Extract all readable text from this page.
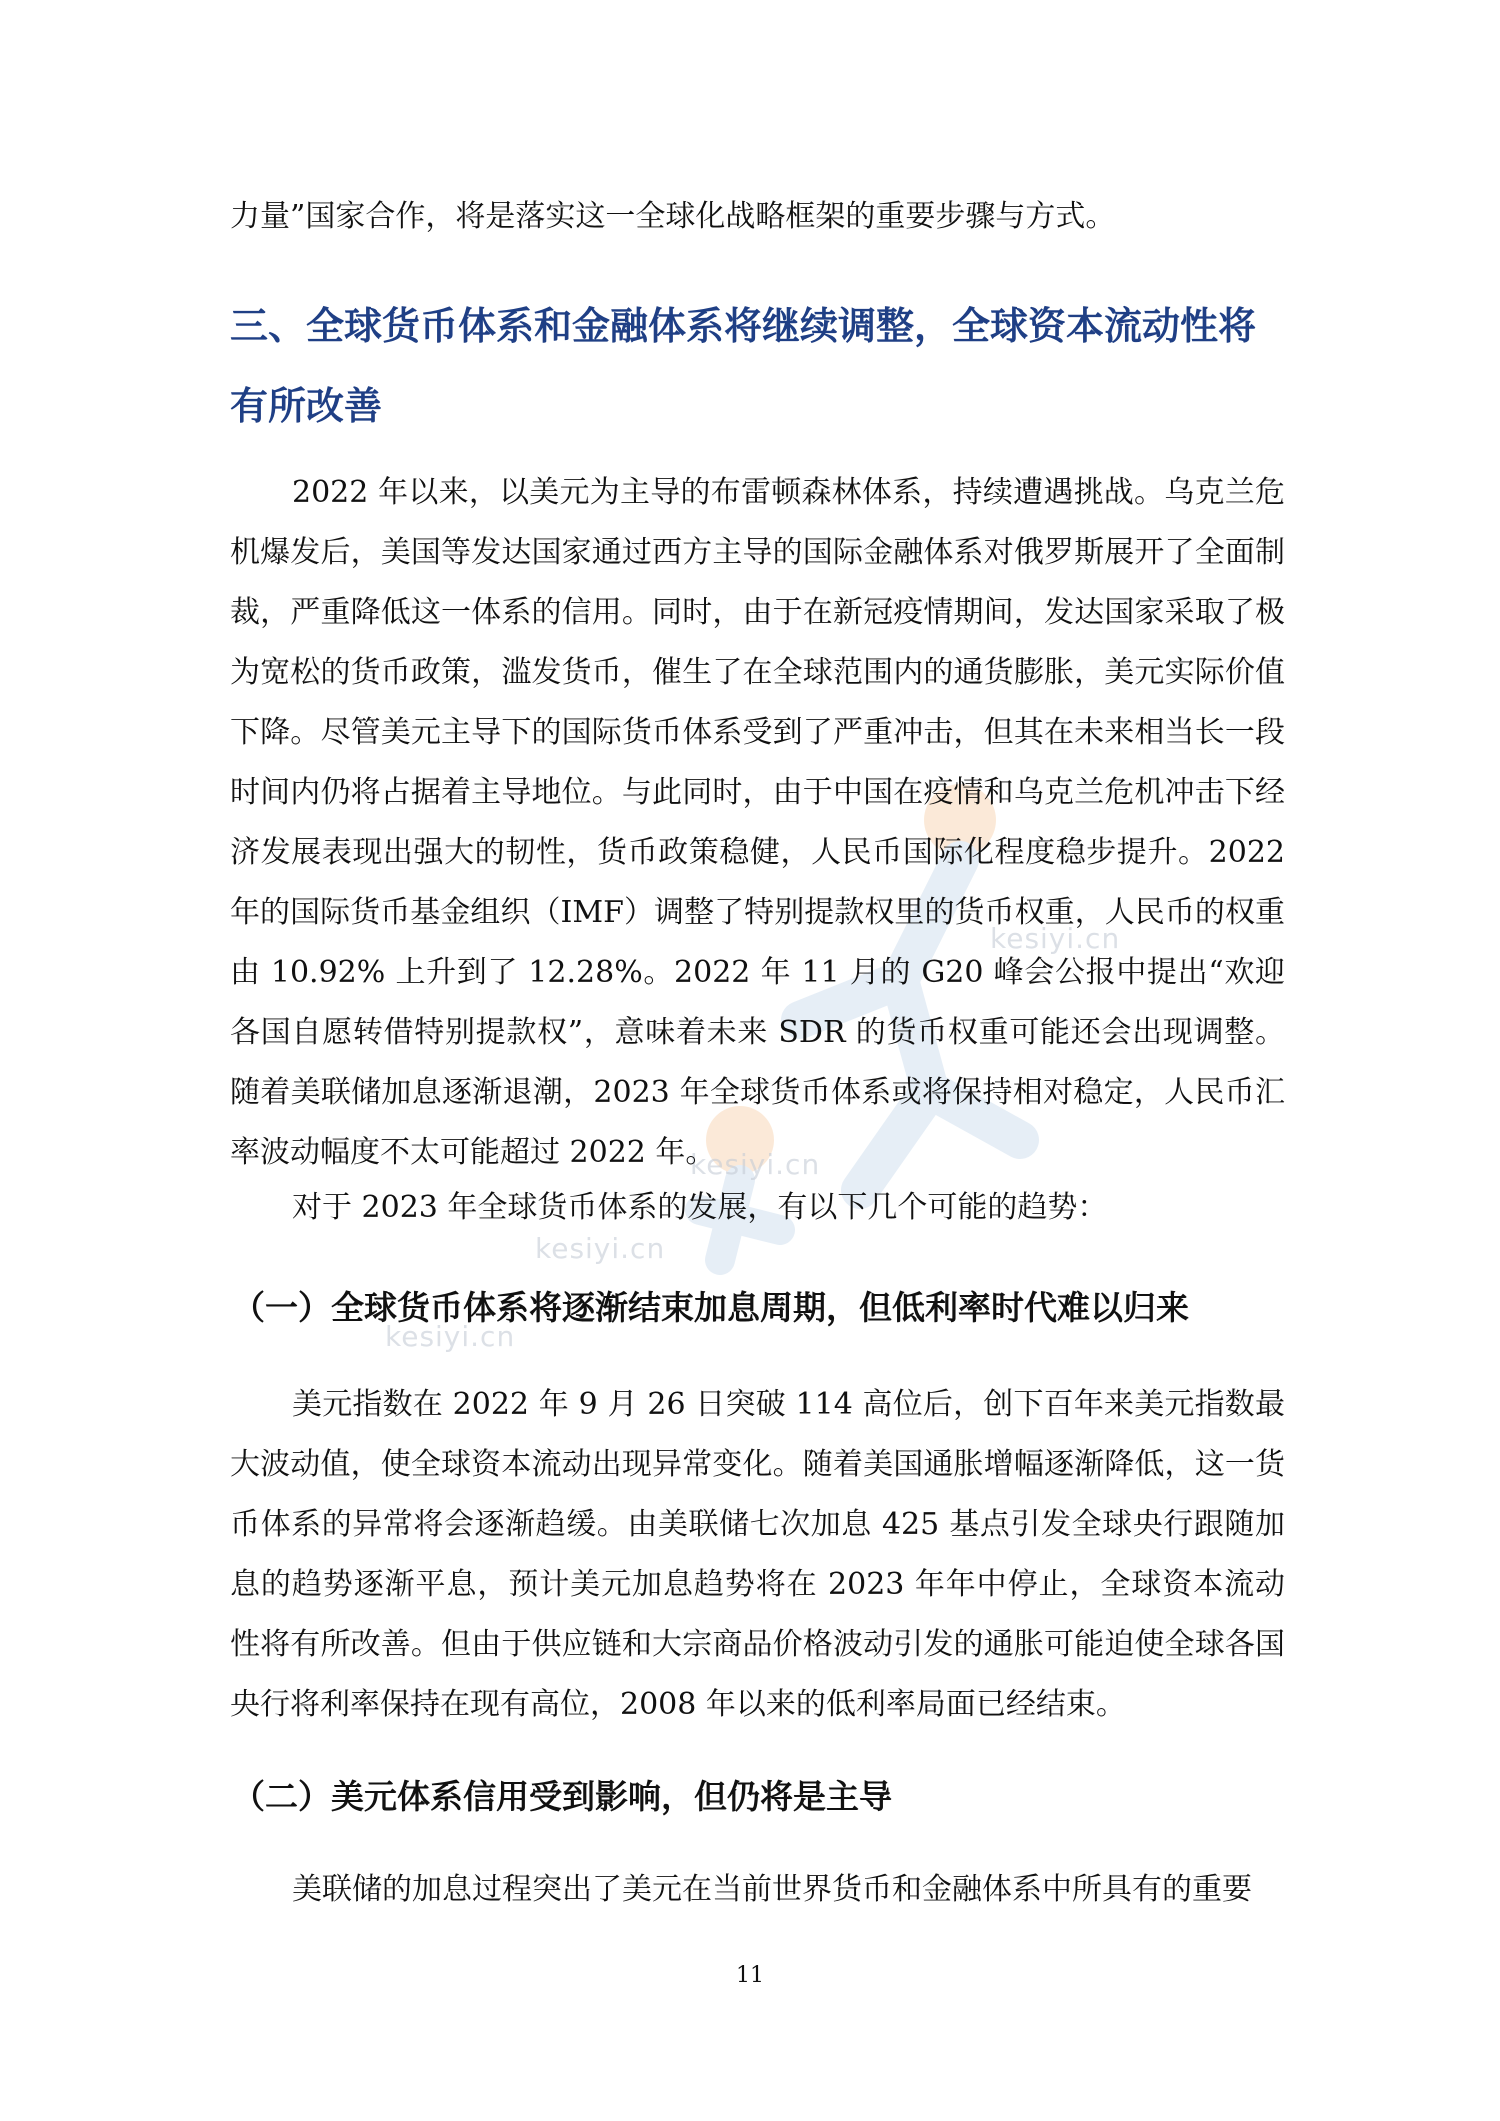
kesiyi.cn
kesiyi.cn
kesiyi.cn
kesiyi.cn

力量”国家合作，将是落实这一全球化战略框架的重要步骤与方式。

三、全球货币体系和金融体系将继续调整，全球资本流动性将有所改善

2022 年以来，以美元为主导的布雷顿森林体系，持续遭遇挑战。乌克兰危机爆发后，美国等发达国家通过西方主导的国际金融体系对俄罗斯展开了全面制裁，严重降低这一体系的信用。同时，由于在新冠疫情期间，发达国家采取了极为宽松的货币政策，滥发货币，催生了在全球范围内的通货膨胀，美元实际价值下降。尽管美元主导下的国际货币体系受到了严重冲击，但其在未来相当长一段时间内仍将占据着主导地位。与此同时，由于中国在疫情和乌克兰危机冲击下经济发展表现出强大的韧性，货币政策稳健，人民币国际化程度稳步提升。2022 年的国际货币基金组织（IMF）调整了特别提款权里的货币权重，人民币的权重由 10.92% 上升到了 12.28%。2022 年 11 月的 G20 峰会公报中提出“欢迎各国自愿转借特别提款权”，意味着未来 SDR 的货币权重可能还会出现调整。随着美联储加息逐渐退潮，2023 年全球货币体系或将保持相对稳定，人民币汇率波动幅度不太可能超过 2022 年。

对于 2023 年全球货币体系的发展，有以下几个可能的趋势：

（一）全球货币体系将逐渐结束加息周期，但低利率时代难以归来

美元指数在 2022 年 9 月 26 日突破 114 高位后，创下百年来美元指数最大波动值，使全球资本流动出现异常变化。随着美国通胀增幅逐渐降低，这一货币体系的异常将会逐渐趋缓。由美联储七次加息 425 基点引发全球央行跟随加息的趋势逐渐平息，预计美元加息趋势将在 2023 年年中停止，全球资本流动性将有所改善。但由于供应链和大宗商品价格波动引发的通胀可能迫使全球各国央行将利率保持在现有高位，2008 年以来的低利率局面已经结束。

（二）美元体系信用受到影响，但仍将是主导

美联储的加息过程突出了美元在当前世界货币和金融体系中所具有的重要

11
